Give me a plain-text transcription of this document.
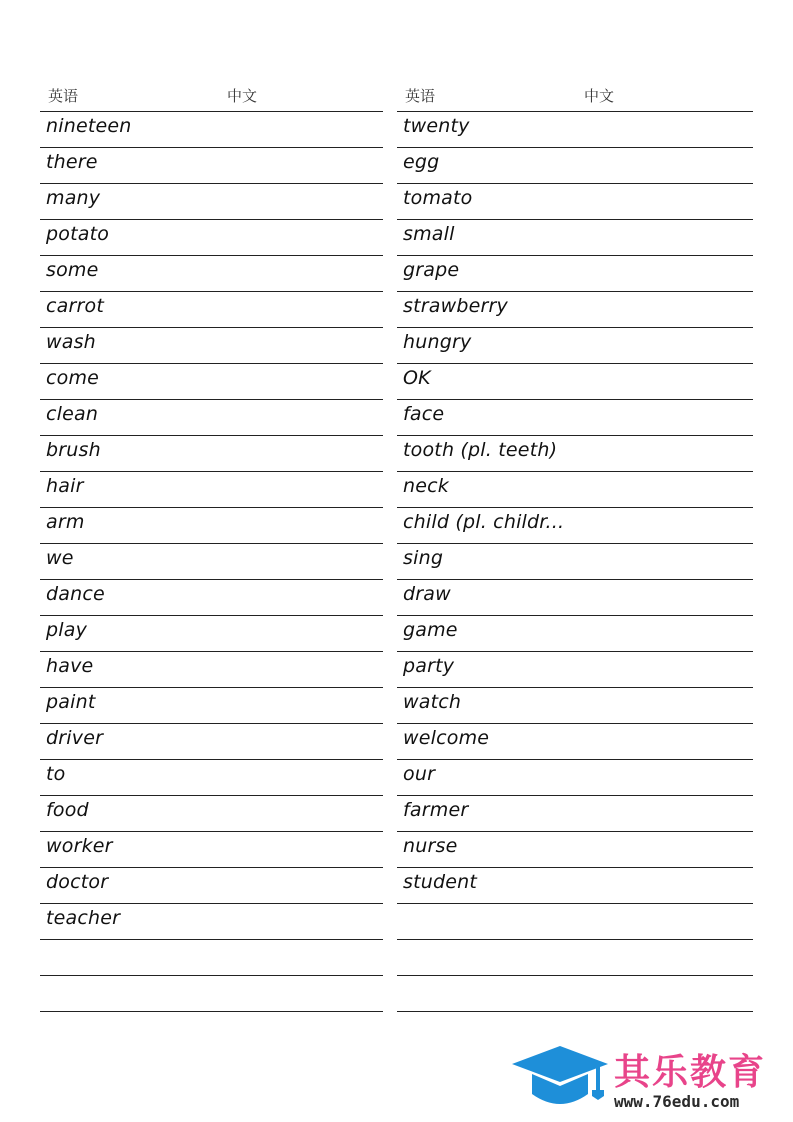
英语	中文
nineteen
there
many
potato
some
carrot
wash
come
clean
brush
hair
arm
we
dance
play
have
paint
driver
to
food
worker
doctor
teacher
英语	中文
twenty
egg
tomato
small
grape
strawberry
hungry
OK
face
tooth (pl. teeth)
neck
child (pl. childr...
sing
draw
game
party
watch
welcome
our
farmer
nurse
student
其乐教育
www.76edu.com
